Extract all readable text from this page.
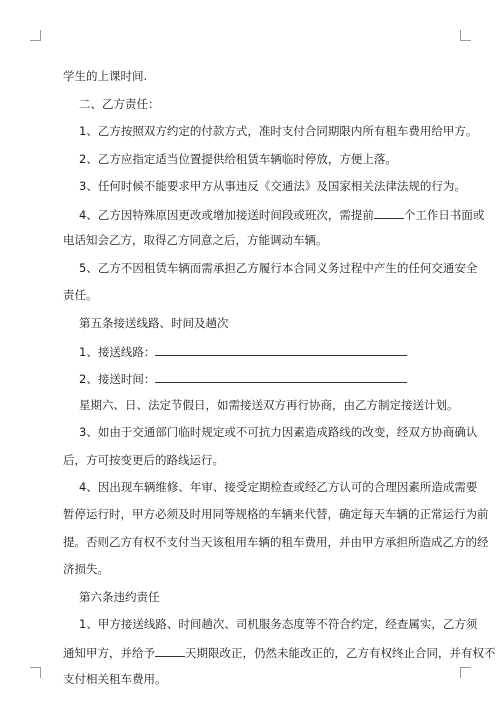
学生的上课时间.
二、乙方责任：
1、乙方按照双方约定的付款方式，准时支付合同期限内所有租车费用给甲方。
2、乙方应指定适当位置提供给租赁车辆临时停放，方便上落。
3、任何时候不能要求甲方从事违反《交通法》及国家相关法律法规的行为。
4、乙方因特殊原因更改或增加接送时间段或班次，需提前	个工作日书面或
电话知会乙方，取得乙方同意之后，方能调动车辆。
5、乙方不因租赁车辆而需承担乙方履行本合同义务过程中产生的任何交通安全
责任。
第五条接送线路、时间及趟次
1、接送线路：
2、接送时间：
星期六、日、法定节假日，如需接送双方再行协商，由乙方制定接送计划。
3、如由于交通部门临时规定或不可抗力因素造成路线的改变，经双方协商确认
后，方可按变更后的路线运行。
4、因出现车辆维修、年审、接受定期检查或经乙方认可的合理因素所造成需要
暂停运行时，甲方必须及时用同等规格的车辆来代替，确定每天车辆的正常运行为前
提。否则乙方有权不支付当天该租用车辆的租车费用，并由甲方承担所造成乙方的经
济损失。
第六条违约责任
1、甲方接送线路、时间趟次、司机服务态度等不符合约定，经查属实，乙方须
通知甲方，并给予	天期限改正，仍然未能改正的，乙方有权终止合同，并有权不
支付相关租车费用。
